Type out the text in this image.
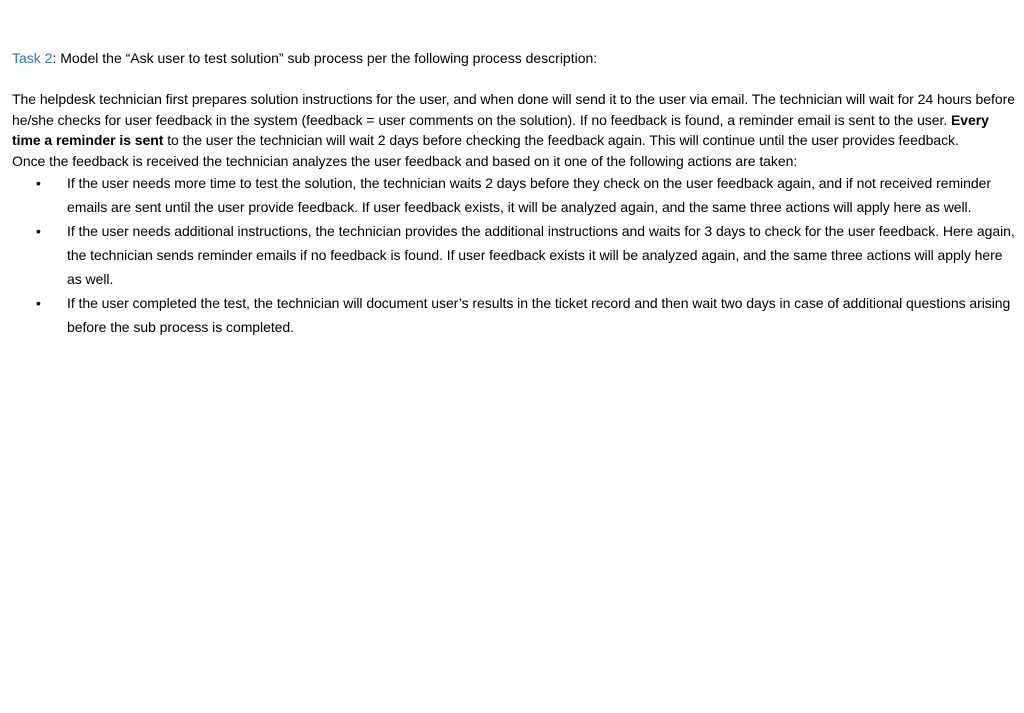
Task 2: Model the “Ask user to test solution” sub process per the following process description:

The helpdesk technician first prepares solution instructions for the user, and when done will send it to the user via email. The technician will wait for 24 hours before he/she checks for user feedback in the system (feedback = user comments on the solution). If no feedback is found, a reminder email is sent to the user. Every time a reminder is sent to the user the technician will wait 2 days before checking the feedback again. This will continue until the user provides feedback.

Once the feedback is received the technician analyzes the user feedback and based on it one of the following actions are taken:

• If the user needs more time to test the solution, the technician waits 2 days before they check on the user feedback again, and if not received reminder emails are sent until the user provide feedback. If user feedback exists, it will be analyzed again, and the same three actions will apply here as well.
• If the user needs additional instructions, the technician provides the additional instructions and waits for 3 days to check for the user feedback. Here again, the technician sends reminder emails if no feedback is found. If user feedback exists it will be analyzed again, and the same three actions will apply here as well.
• If the user completed the test, the technician will document user’s results in the ticket record and then wait two days in case of additional questions arising before the sub process is completed.
